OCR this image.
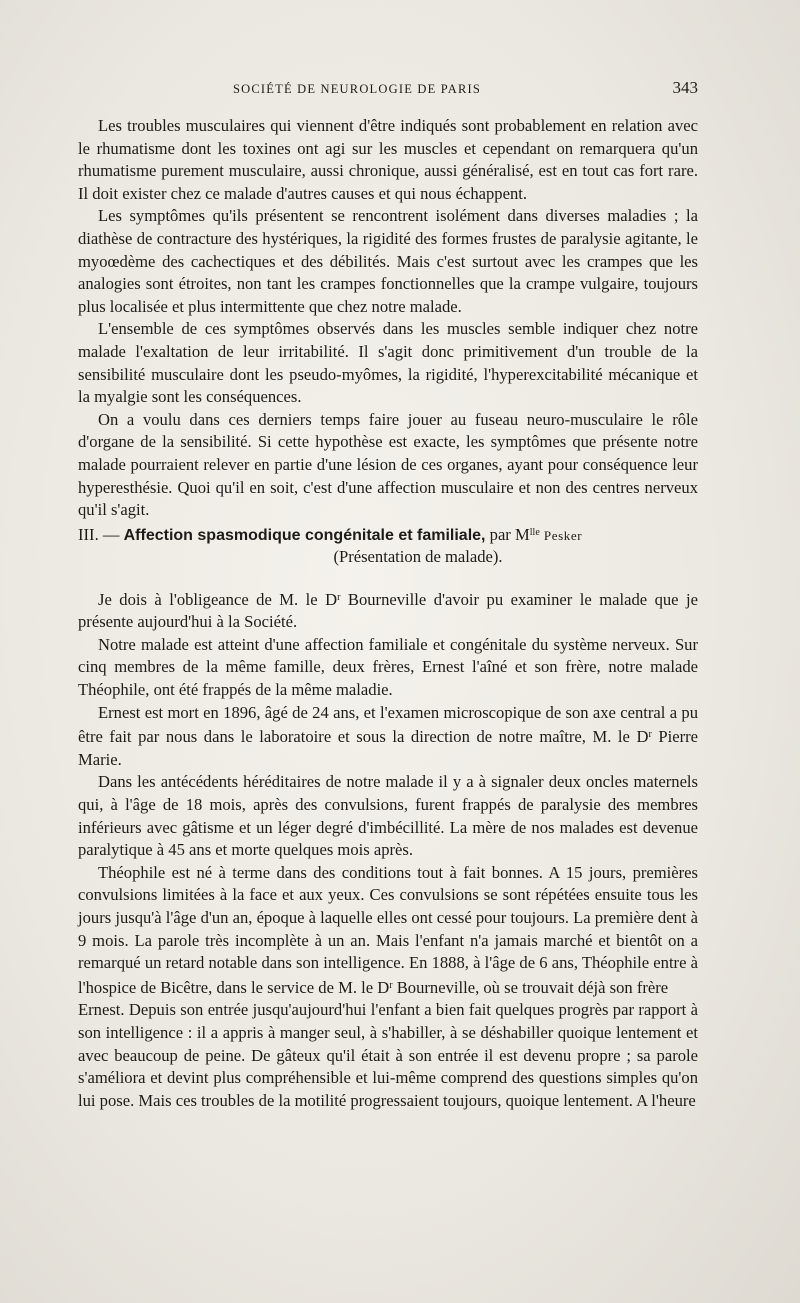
SOCIÉTÉ DE NEUROLOGIE DE PARIS	343

Les troubles musculaires qui viennent d'être indiqués sont probablement en relation avec le rhumatisme dont les toxines ont agi sur les muscles et cependant on remarquera qu'un rhumatisme purement musculaire, aussi chronique, aussi généralisé, est en tout cas fort rare. Il doit exister chez ce malade d'autres causes et qui nous échappent.

Les symptômes qu'ils présentent se rencontrent isolément dans diverses maladies ; la diathèse de contracture des hystériques, la rigidité des formes frustes de paralysie agitante, le myoœdème des cachectiques et des débilités. Mais c'est surtout avec les crampes que les analogies sont étroites, non tant les crampes fonctionnelles que la crampe vulgaire, toujours plus localisée et plus intermittente que chez notre malade.

L'ensemble de ces symptômes observés dans les muscles semble indiquer chez notre malade l'exaltation de leur irritabilité. Il s'agit donc primitivement d'un trouble de la sensibilité musculaire dont les pseudo-myômes, la rigidité, l'hyperexcitabilité mécanique et la myalgie sont les conséquences.

On a voulu dans ces derniers temps faire jouer au fuseau neuro-musculaire le rôle d'organe de la sensibilité. Si cette hypothèse est exacte, les symptômes que présente notre malade pourraient relever en partie d'une lésion de ces organes, ayant pour conséquence leur hyperesthésie. Quoi qu'il en soit, c'est d'une affection musculaire et non des centres nerveux qu'il s'agit.

III. — Affection spasmodique congénitale et familiale, par $M^{lle}$ Pesker
(Présentation de malade).

Je dois à l'obligeance de M. le $D^r$ Bourneville d'avoir pu examiner le malade que je présente aujourd'hui à la Société.

Notre malade est atteint d'une affection familiale et congénitale du système nerveux. Sur cinq membres de la même famille, deux frères, Ernest l'aîné et son frère, notre malade Théophile, ont été frappés de la même maladie.

Ernest est mort en 1896, âgé de 24 ans, et l'examen microscopique de son axe central a pu être fait par nous dans le laboratoire et sous la direction de notre maître, M. le $D^r$ Pierre Marie.

Dans les antécédents héréditaires de notre malade il y a à signaler deux oncles maternels qui, à l'âge de 18 mois, après des convulsions, furent frappés de paralysie des membres inférieurs avec gâtisme et un léger degré d'imbécillité. La mère de nos malades est devenue paralytique à 45 ans et morte quelques mois après.

Théophile est né à terme dans des conditions tout à fait bonnes. A 15 jours, premières convulsions limitées à la face et aux yeux. Ces convulsions se sont répétées ensuite tous les jours jusqu'à l'âge d'un an, époque à laquelle elles ont cessé pour toujours. La première dent à 9 mois. La parole très incomplète à un an. Mais l'enfant n'a jamais marché et bientôt on a remarqué un retard notable dans son intelligence. En 1888, à l'âge de 6 ans, Théophile entre à l'hospice de Bicêtre, dans le service de M. le $D^r$ Bourneville, où se trouvait déjà son frère

Ernest. Depuis son entrée jusqu'aujourd'hui l'enfant a bien fait quelques progrès par rapport à son intelligence : il a appris à manger seul, à s'habiller, à se déshabiller quoique lentement et avec beaucoup de peine. De gâteux qu'il était à son entrée il est devenu propre ; sa parole s'améliora et devint plus compréhensible et lui-même comprend des questions simples qu'on lui pose. Mais ces troubles de la motilité progressaient toujours, quoique lentement. A l'heure
